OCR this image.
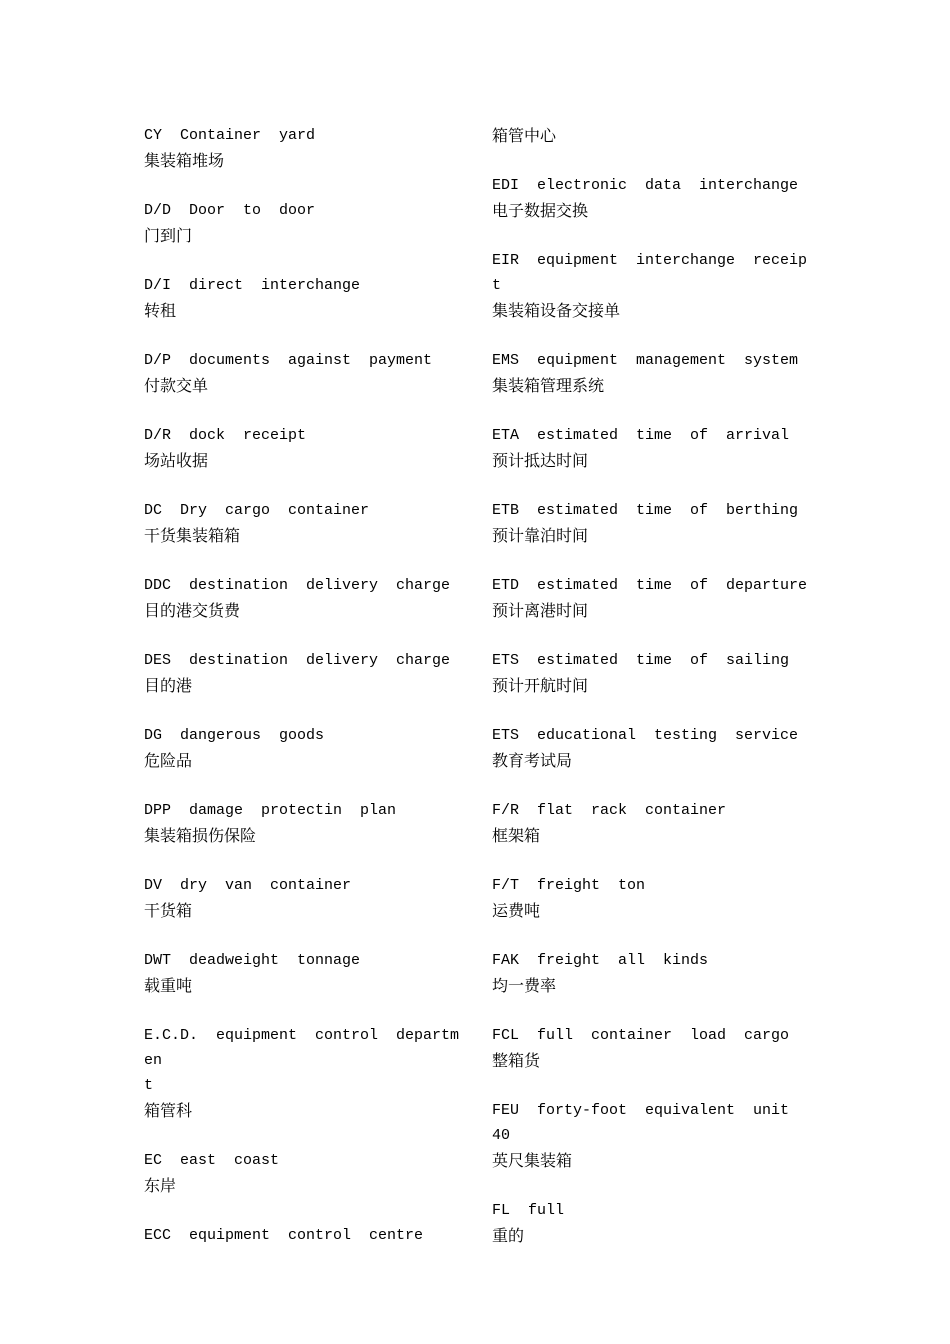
CY  Container  yard
集装箱堆场
D/D  Door  to  door
门到门
D/I  direct  interchange
转租
D/P  documents  against  payment
付款交单
D/R  dock  receipt
场站收据
DC  Dry  cargo  container
干货集装箱箱
DDC  destination  delivery  charge
目的港交货费
DES  destination  delivery  charge
目的港
DG  dangerous  goods
危险品
DPP  damage  protectin  plan
集装箱损伤保险
DV  dry  van  container
干货箱
DWT  deadweight  tonnage
载重吨
E.C.D.  equipment  control  departmen
t
箱管科
EC  east  coast
东岸
ECC  equipment  control  centre
箱管中心
EDI  electronic  data  interchange
电子数据交换
EIR  equipment  interchange  receipt
集装箱设备交接单
EMS  equipment  management  system
集装箱管理系统
ETA  estimated  time  of  arrival
预计抵达时间
ETB  estimated  time  of  berthing
预计靠泊时间
ETD  estimated  time  of  departure
预计离港时间
ETS  estimated  time  of  sailing
预计开航时间
ETS  educational  testing  service
教育考试局
F/R  flat  rack  container
框架箱
F/T  freight  ton
运费吨
FAK  freight  all  kinds
均一费率
FCL  full  container  load  cargo
整箱货
FEU  forty-foot  equivalent  unit  40
英尺集装箱
FL  full
重的
